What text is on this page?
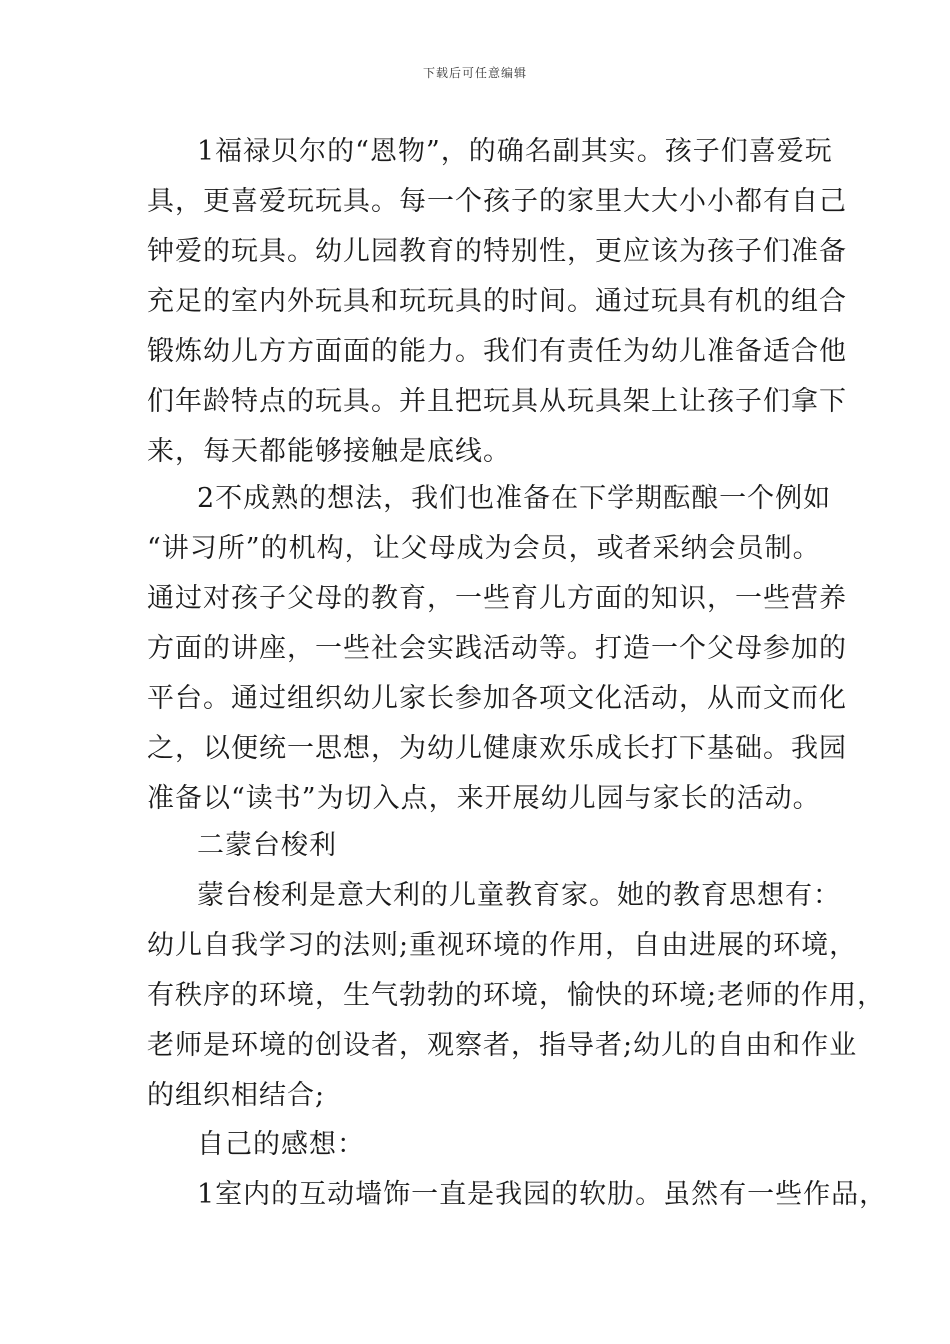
下载后可任意编辑
1福禄贝尔的“恩物”，的确名副其实。孩子们喜爱玩
具，更喜爱玩玩具。每一个孩子的家里大大小小都有自己
钟爱的玩具。幼儿园教育的特别性，更应该为孩子们准备
充足的室内外玩具和玩玩具的时间。通过玩具有机的组合
锻炼幼儿方方面面的能力。我们有责任为幼儿准备适合他
们年龄特点的玩具。并且把玩具从玩具架上让孩子们拿下
来，每天都能够接触是底线。
2不成熟的想法，我们也准备在下学期酝酿一个例如
“讲习所”的机构，让父母成为会员，或者采纳会员制。
通过对孩子父母的教育，一些育儿方面的知识，一些营养
方面的讲座，一些社会实践活动等。打造一个父母参加的
平台。通过组织幼儿家长参加各项文化活动，从而文而化
之，以便统一思想，为幼儿健康欢乐成长打下基础。我园
准备以“读书”为切入点，来开展幼儿园与家长的活动。
二蒙台梭利
蒙台梭利是意大利的儿童教育家。她的教育思想有：
幼儿自我学习的法则;重视环境的作用，自由进展的环境，
有秩序的环境，生气勃勃的环境，愉快的环境;老师的作用，
老师是环境的创设者，观察者，指导者;幼儿的自由和作业
的组织相结合;
自己的感想：
1室内的互动墙饰一直是我园的软肋。虽然有一些作品，
